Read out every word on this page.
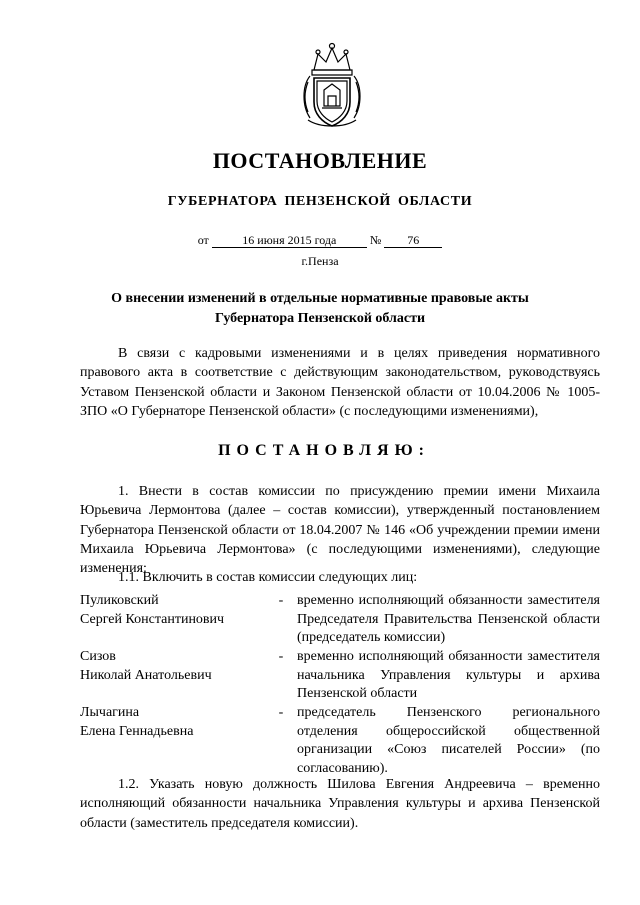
ПОСТАНОВЛЕНИЕ
ГУБЕРНАТОРА ПЕНЗЕНСКОЙ ОБЛАСТИ
от	16 июня 2015 года	№ 76
г.Пенза
О внесении изменений в отдельные нормативные правовые акты
Губернатора Пензенской области
В связи с кадровыми изменениями и в целях приведения нормативного правового акта в соответствие с действующим законодательством, руководствуясь Уставом Пензенской области и Законом Пензенской области от 10.04.2006 № 1005-ЗПО «О Губернаторе Пензенской области» (с последующими изменениями),
ПОСТАНОВЛЯЮ:
1. Внести в состав комиссии по присуждению премии имени Михаила Юрьевича Лермонтова (далее – состав комиссии), утвержденный постановлением Губернатора Пензенской области от 18.04.2007 № 146 «Об учреждении премии имени Михаила Юрьевича Лермонтова» (с последующими изменениями), следующие изменения:
1.1. Включить в состав комиссии следующих лиц:
Пуликовский
Сергей Константинович
- временно исполняющий обязанности заместителя Председателя Правительства Пензенской области (председатель комиссии)
Сизов
Николай Анатольевич
- временно исполняющий обязанности заместителя начальника Управления культуры и архива Пензенской области
Лычагина
Елена Геннадьевна
- председатель Пензенского регионального отделения общероссийской общественной организации «Союз писателей России» (по согласованию).
1.2. Указать новую должность Шилова Евгения Андреевича – временно исполняющий обязанности начальника Управления культуры и архива Пензенской области (заместитель председателя комиссии).
